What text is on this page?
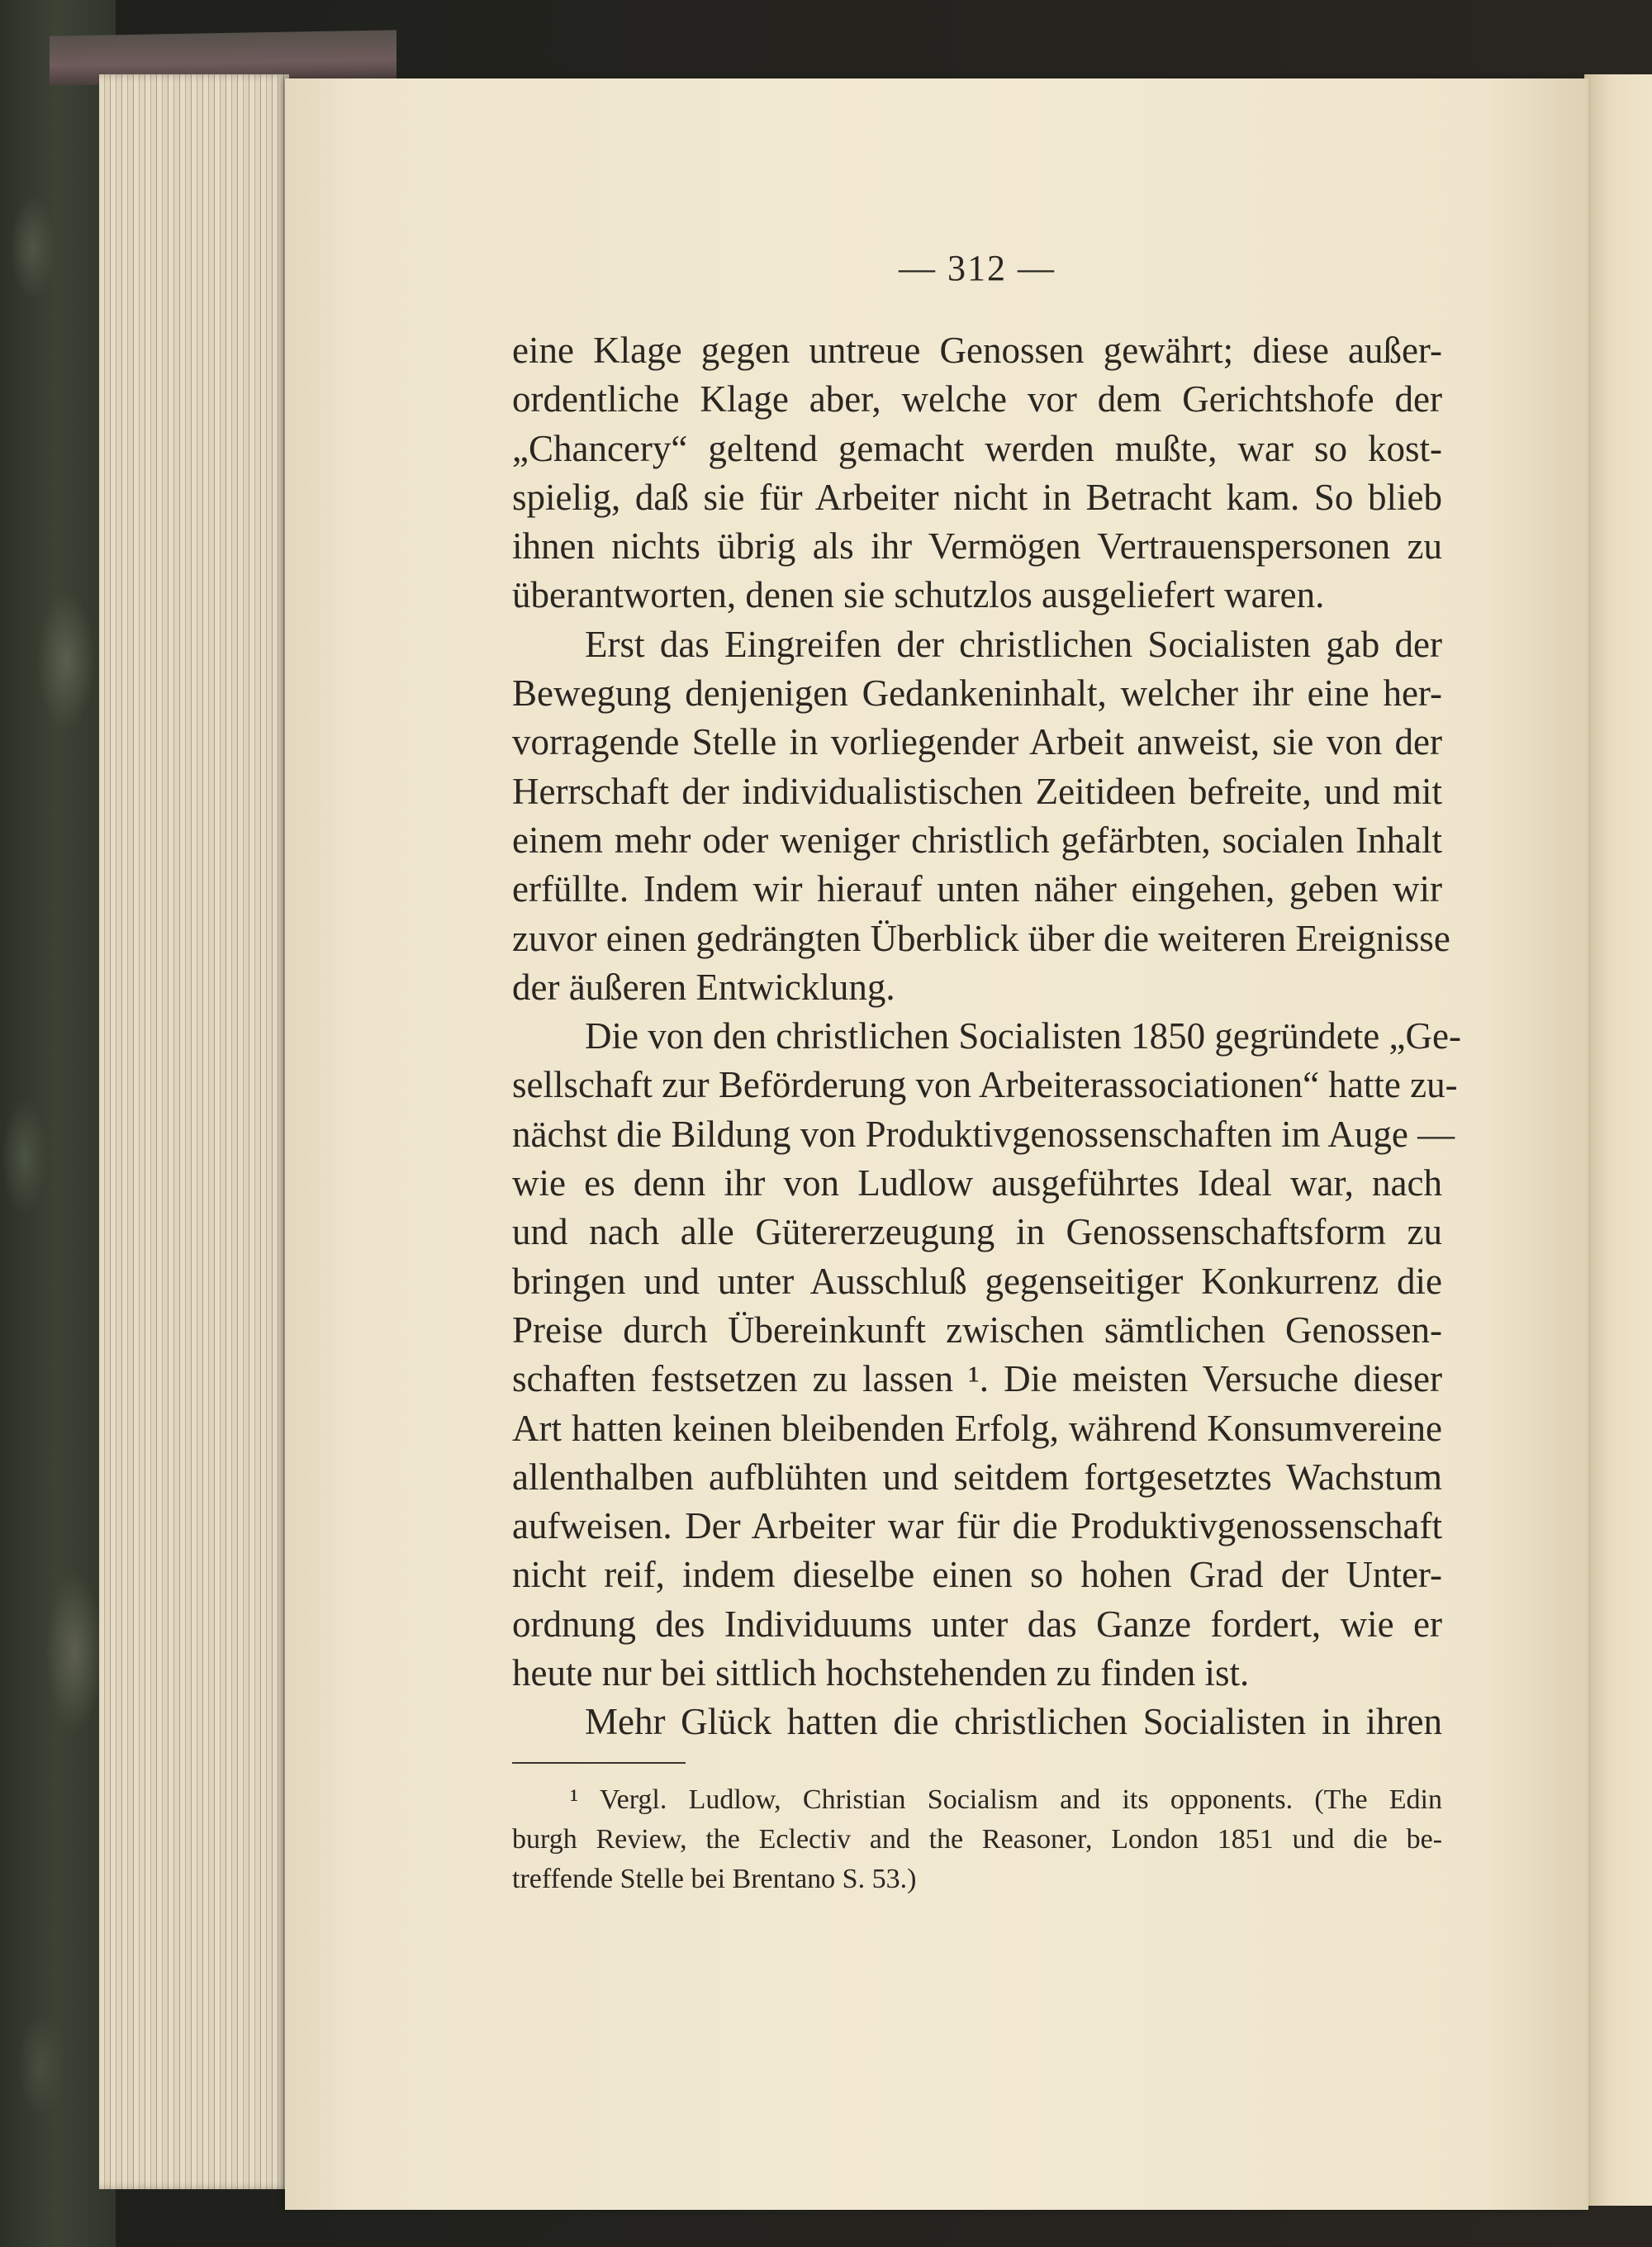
— 312 —
eine Klage gegen untreue Genossen gewährt; diese außer-
ordentliche Klage aber, welche vor dem Gerichtshofe der
„Chancery“ geltend gemacht werden mußte, war so kost-
spielig, daß sie für Arbeiter nicht in Betracht kam. So blieb
ihnen nichts übrig als ihr Vermögen Vertrauenspersonen zu
überantworten, denen sie schutzlos ausgeliefert waren.
Erst das Eingreifen der christlichen Socialisten gab der
Bewegung denjenigen Gedankeninhalt, welcher ihr eine her-
vorragende Stelle in vorliegender Arbeit anweist, sie von der
Herrschaft der individualistischen Zeitideen befreite, und mit
einem mehr oder weniger christlich gefärbten, socialen Inhalt
erfüllte. Indem wir hierauf unten näher eingehen, geben wir
zuvor einen gedrängten Überblick über die weiteren Ereignisse
der äußeren Entwicklung.
Die von den christlichen Socialisten 1850 gegründete „Ge-
sellschaft zur Beförderung von Arbeiterassociationen“ hatte zu-
nächst die Bildung von Produktivgenossenschaften im Auge —
wie es denn ihr von Ludlow ausgeführtes Ideal war, nach
und nach alle Gütererzeugung in Genossenschaftsform zu
bringen und unter Ausschluß gegenseitiger Konkurrenz die
Preise durch Übereinkunft zwischen sämtlichen Genossen-
schaften festsetzen zu lassen ¹. Die meisten Versuche dieser
Art hatten keinen bleibenden Erfolg, während Konsumvereine
allenthalben aufblühten und seitdem fortgesetztes Wachstum
aufweisen. Der Arbeiter war für die Produktivgenossenschaft
nicht reif, indem dieselbe einen so hohen Grad der Unter-
ordnung des Individuums unter das Ganze fordert, wie er
heute nur bei sittlich hochstehenden zu finden ist.
Mehr Glück hatten die christlichen Socialisten in ihren
¹ Vergl. Ludlow, Christian Socialism and its opponents. (The Edin
burgh Review, the Eclectiv and the Reasoner, London 1851 und die be-
treffende Stelle bei Brentano S. 53.)
